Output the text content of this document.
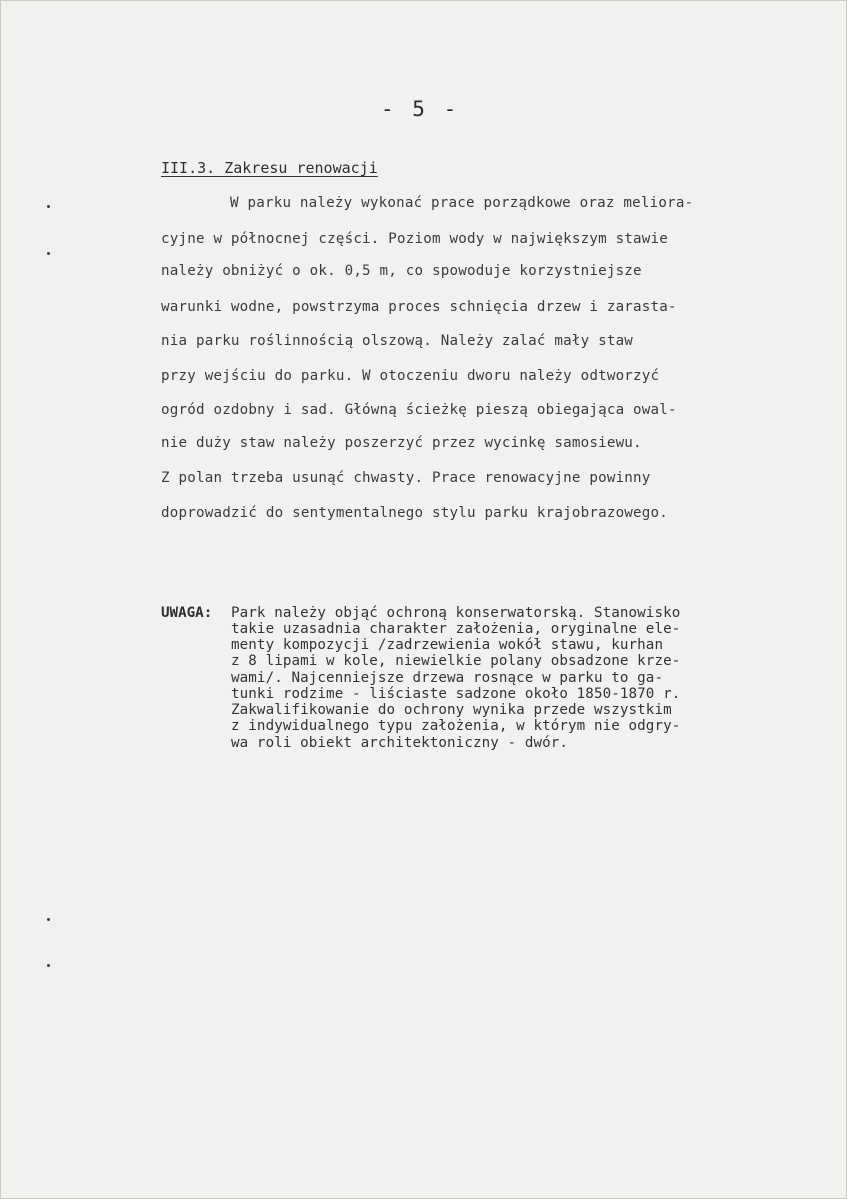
- 5 -
III.3. Zakresu renowacji
W parku należy wykonać prace porządkowe oraz meliora-
cyjne w północnej części. Poziom wody w największym stawie
należy obniżyć o ok. 0,5 m, co spowoduje korzystniejsze
warunki wodne, powstrzyma proces schnięcia drzew i zarasta-
nia parku roślinnością olszową. Należy zalać mały staw
przy wejściu do parku. W otoczeniu dworu należy odtworzyć
ogród ozdobny i sad. Główną ścieżkę pieszą obiegająca owal-
nie duży staw należy poszerzyć przez wycinkę samosiewu.
Z polan trzeba usunąć chwasty. Prace renowacyjne powinny
doprowadzić do sentymentalnego stylu parku krajobrazowego.
UWAGA: Park należy objąć ochroną konserwatorską. Stanowisko
takie uzasadnia charakter założenia, oryginalne ele-
menty kompozycji /zadrzewienia wokół stawu, kurhan
z 8 lipami w kole, niewielkie polany obsadzone krze-
wami/. Najcenniejsze drzewa rosnące w parku to ga-
tunki rodzime - liściaste sadzone około 1850-1870 r.
Zakwalifikowanie do ochrony wynika przede wszystkim
z indywidualnego typu założenia, w którym nie odgry-
wa roli obiekt architektoniczny - dwór.
